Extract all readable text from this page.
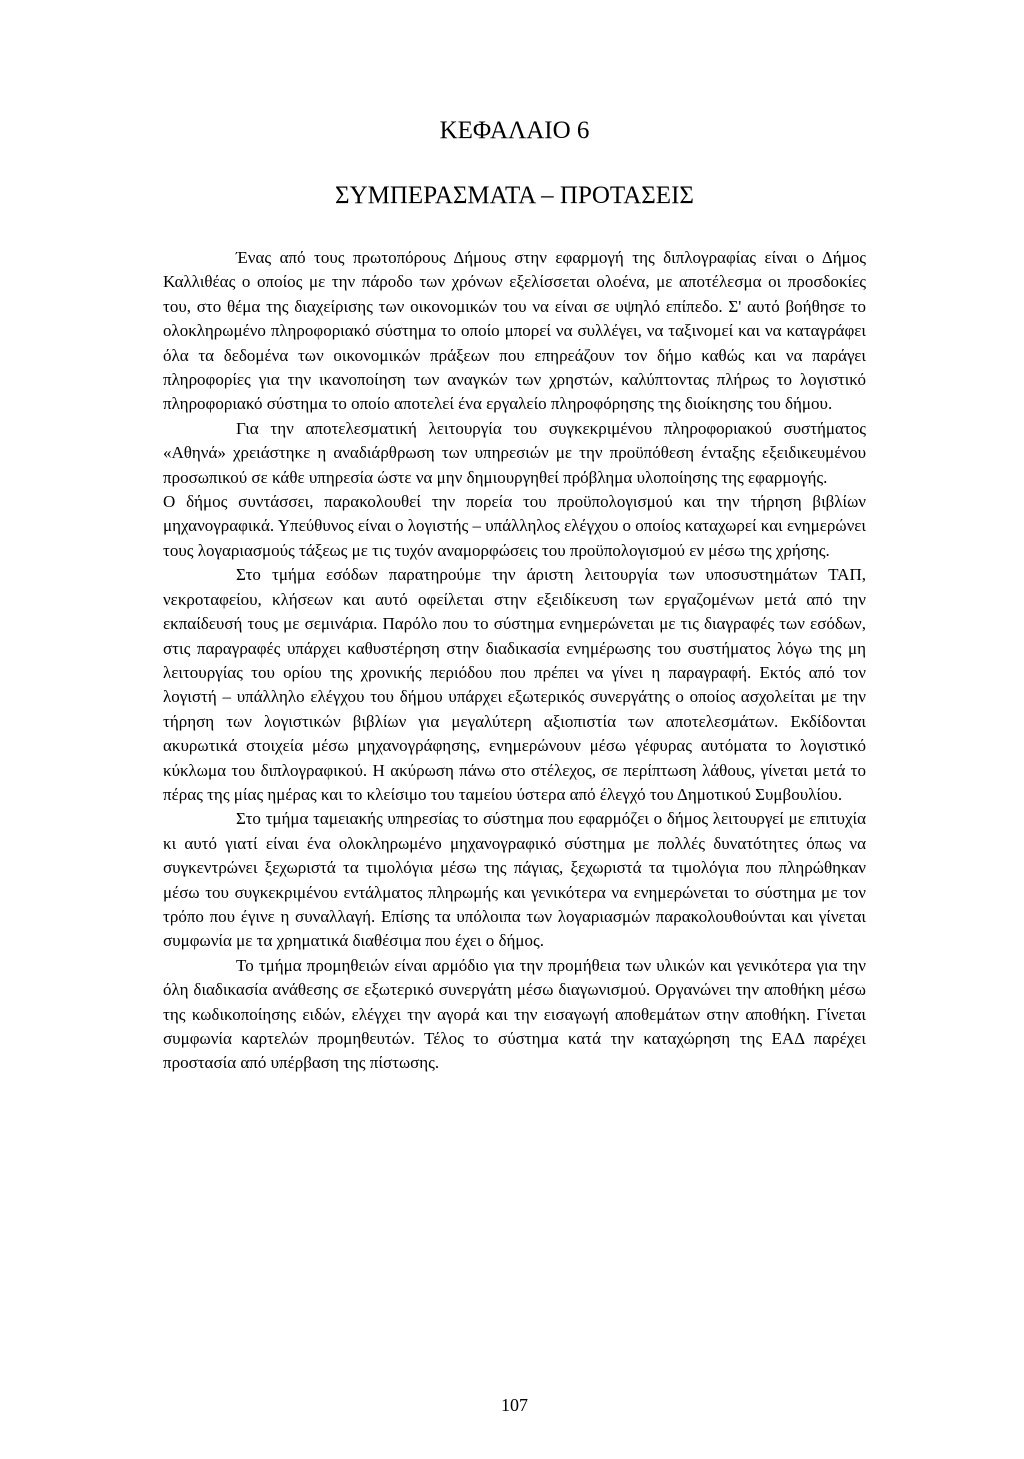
ΚΕΦΑΛΑΙΟ 6
ΣΥΜΠΕΡΑΣΜΑΤΑ – ΠΡΟΤΑΣΕΙΣ

Ένας από τους πρωτοπόρους Δήμους στην εφαρμογή της διπλογραφίας είναι ο Δήμος Καλλιθέας ο οποίος με την πάροδο των χρόνων εξελίσσεται ολοένα, με αποτέλεσμα οι προσδοκίες του, στο θέμα της διαχείρισης των οικονομικών του να είναι σε υψηλό επίπεδο. Σ' αυτό βοήθησε το ολοκληρωμένο πληροφοριακό σύστημα το οποίο μπορεί να συλλέγει, να ταξινομεί και να καταγράφει όλα τα δεδομένα των οικονομικών πράξεων που επηρεάζουν τον δήμο καθώς και να παράγει πληροφορίες για την ικανοποίηση των αναγκών των χρηστών, καλύπτοντας πλήρως το λογιστικό πληροφοριακό σύστημα το οποίο αποτελεί ένα εργαλείο πληροφόρησης της διοίκησης του δήμου.

Για την αποτελεσματική λειτουργία του συγκεκριμένου πληροφοριακού συστήματος «Αθηνά» χρειάστηκε η αναδιάρθρωση των υπηρεσιών με την προϋπόθεση ένταξης εξειδικευμένου προσωπικού σε κάθε υπηρεσία ώστε να μην δημιουργηθεί πρόβλημα υλοποίησης της εφαρμογής.

Ο δήμος συντάσσει, παρακολουθεί την πορεία του προϋπολογισμού και την τήρηση βιβλίων μηχανογραφικά. Υπεύθυνος είναι ο λογιστής – υπάλληλος ελέγχου ο οποίος καταχωρεί και ενημερώνει τους λογαριασμούς τάξεως με τις τυχόν αναμορφώσεις του προϋπολογισμού εν μέσω της χρήσης.

Στο τμήμα εσόδων παρατηρούμε την άριστη λειτουργία των υποσυστημάτων ΤΑΠ, νεκροταφείου, κλήσεων και αυτό οφείλεται στην εξειδίκευση των εργαζομένων μετά από την εκπαίδευσή τους με σεμινάρια. Παρόλο που το σύστημα ενημερώνεται με τις διαγραφές των εσόδων, στις παραγραφές υπάρχει καθυστέρηση στην διαδικασία ενημέρωσης του συστήματος λόγω της μη λειτουργίας του ορίου της χρονικής περιόδου που πρέπει να γίνει η παραγραφή. Εκτός από τον λογιστή – υπάλληλο ελέγχου του δήμου υπάρχει εξωτερικός συνεργάτης ο οποίος ασχολείται με την τήρηση των λογιστικών βιβλίων για μεγαλύτερη αξιοπιστία των αποτελεσμάτων. Εκδίδονται ακυρωτικά στοιχεία μέσω μηχανογράφησης, ενημερώνουν μέσω γέφυρας αυτόματα το λογιστικό κύκλωμα του διπλογραφικού. Η ακύρωση πάνω στο στέλεχος, σε περίπτωση λάθους, γίνεται μετά το πέρας της μίας ημέρας και το κλείσιμο του ταμείου ύστερα από έλεγχό του Δημοτικού Συμβουλίου.

Στο τμήμα ταμειακής υπηρεσίας το σύστημα που εφαρμόζει ο δήμος λειτουργεί με επιτυχία κι αυτό γιατί είναι ένα ολοκληρωμένο μηχανογραφικό σύστημα με πολλές δυνατότητες όπως να συγκεντρώνει ξεχωριστά τα τιμολόγια μέσω της πάγιας, ξεχωριστά τα τιμολόγια που πληρώθηκαν μέσω του συγκεκριμένου εντάλματος πληρωμής και γενικότερα να ενημερώνεται το σύστημα με τον τρόπο που έγινε η συναλλαγή. Επίσης τα υπόλοιπα των λογαριασμών παρακολουθούνται και γίνεται συμφωνία με τα χρηματικά διαθέσιμα που έχει ο δήμος.

Το τμήμα προμηθειών είναι αρμόδιο για την προμήθεια των υλικών και γενικότερα για την όλη διαδικασία ανάθεσης σε εξωτερικό συνεργάτη μέσω διαγωνισμού. Οργανώνει την αποθήκη μέσω της κωδικοποίησης ειδών, ελέγχει την αγορά και την εισαγωγή αποθεμάτων στην αποθήκη. Γίνεται συμφωνία καρτελών προμηθευτών. Τέλος το σύστημα κατά την καταχώρηση της ΕΑΔ παρέχει προστασία από υπέρβαση της πίστωσης.

107
